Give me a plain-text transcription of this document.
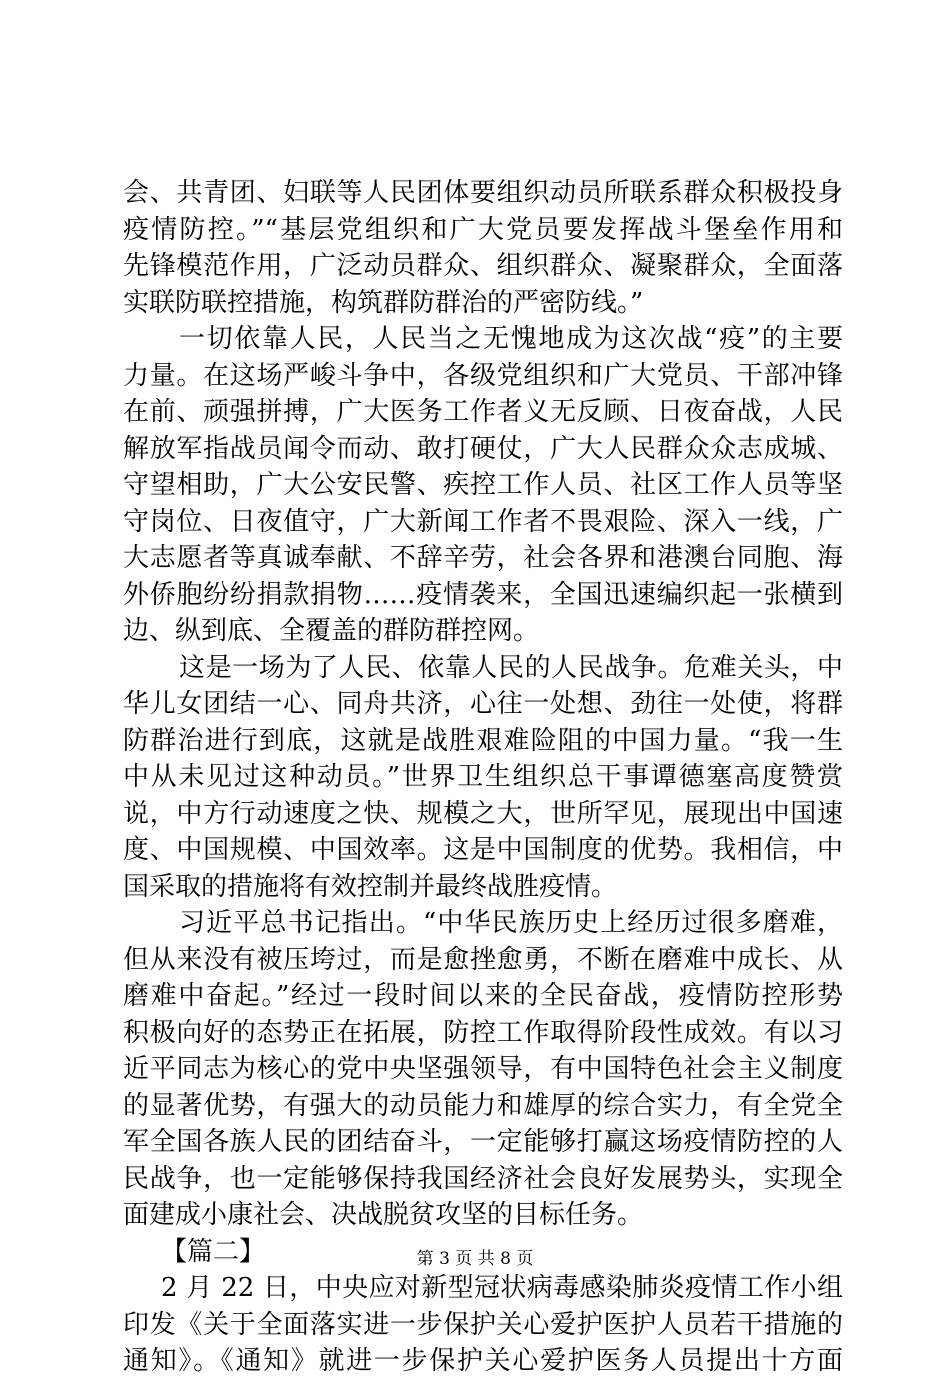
会、共青团、妇联等人民团体要组织动员所联系群众积极投身
疫情防控。”“基层党组织和广大党员要发挥战斗堡垒作用和
先锋模范作用，广泛动员群众、组织群众、凝聚群众，全面落
实联防联控措施，构筑群防群治的严密防线。”
一切依靠人民，人民当之无愧地成为这次战“疫”的主要
力量。在这场严峻斗争中，各级党组织和广大党员、干部冲锋
在前、顽强拼搏，广大医务工作者义无反顾、日夜奋战，人民
解放军指战员闻令而动、敢打硬仗，广大人民群众众志成城、
守望相助，广大公安民警、疾控工作人员、社区工作人员等坚
守岗位、日夜值守，广大新闻工作者不畏艰险、深入一线，广
大志愿者等真诚奉献、不辞辛劳，社会各界和港澳台同胞、海
外侨胞纷纷捐款捐物……疫情袭来，全国迅速编织起一张横到
边、纵到底、全覆盖的群防群控网。
这是一场为了人民、依靠人民的人民战争。危难关头，中
华儿女团结一心、同舟共济，心往一处想、劲往一处使，将群
防群治进行到底，这就是战胜艰难险阻的中国力量。“我一生
中从未见过这种动员。”世界卫生组织总干事谭德塞高度赞赏
说，中方行动速度之快、规模之大，世所罕见，展现出中国速
度、中国规模、中国效率。这是中国制度的优势。我相信，中
国采取的措施将有效控制并最终战胜疫情。
习近平总书记指出。“中华民族历史上经历过很多磨难，
但从来没有被压垮过，而是愈挫愈勇，不断在磨难中成长、从
磨难中奋起。”经过一段时间以来的全民奋战，疫情防控形势
积极向好的态势正在拓展，防控工作取得阶段性成效。有以习
近平同志为核心的党中央坚强领导，有中国特色社会主义制度
的显著优势，有强大的动员能力和雄厚的综合实力，有全党全
军全国各族人民的团结奋斗，一定能够打赢这场疫情防控的人
民战争，也一定能够保持我国经济社会良好发展势头，实现全
面建成小康社会、决战脱贫攻坚的目标任务。
【篇二】
2 月 22 日，中央应对新型冠状病毒感染肺炎疫情工作小组
印发《关于全面落实进一步保护关心爱护医护人员若干措施的
通知》。《通知》就进一步保护关心爱护医务人员提出十方面
第 3 页 共 8 页
